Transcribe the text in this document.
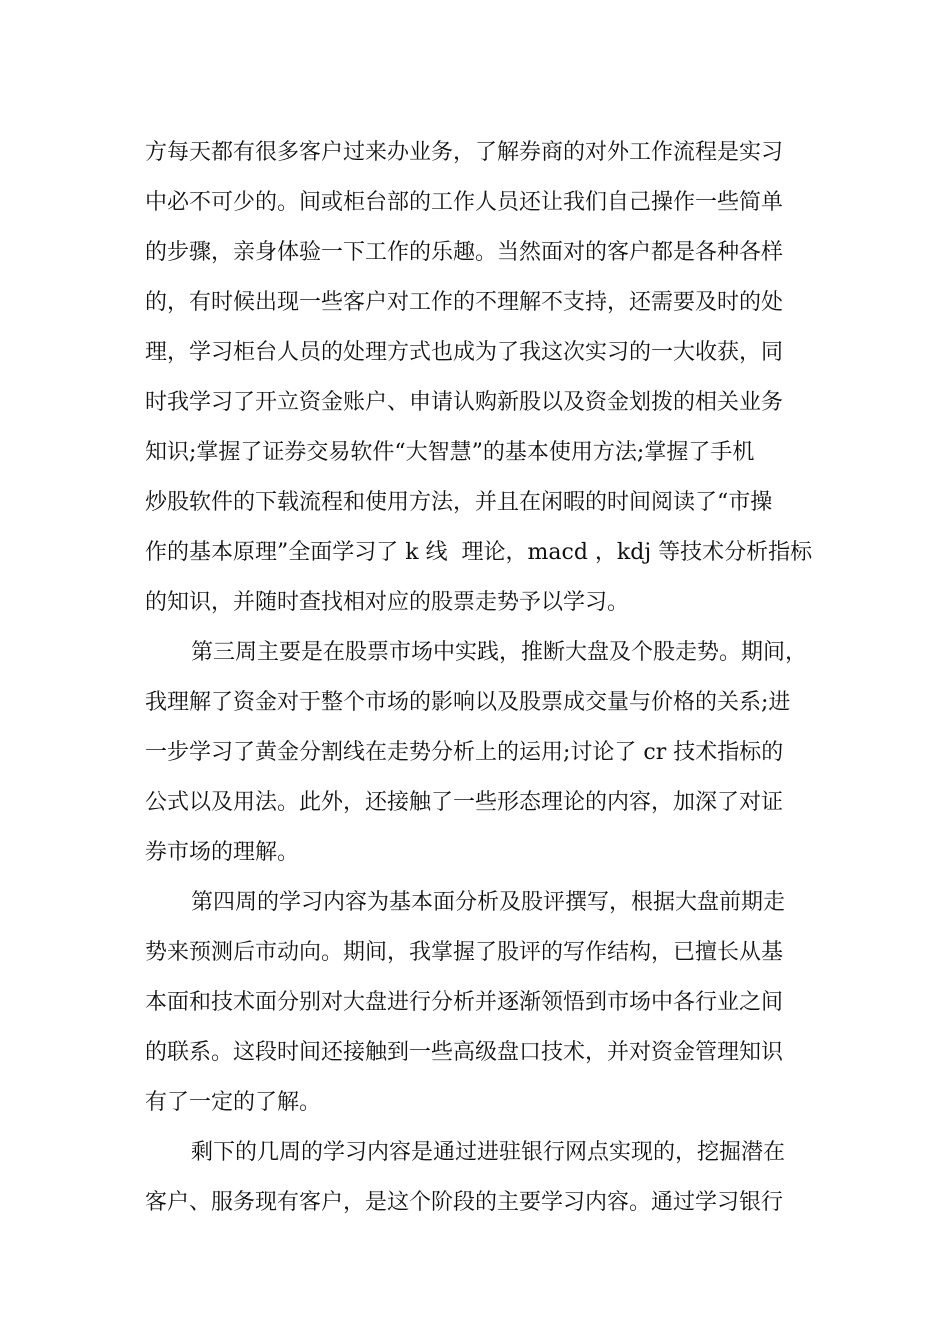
方每天都有很多客户过来办业务，了解券商的对外工作流程是实习
中必不可少的。间或柜台部的工作人员还让我们自己操作一些简单
的步骤，亲身体验一下工作的乐趣。当然面对的客户都是各种各样
的，有时候出现一些客户对工作的不理解不支持，还需要及时的处
理，学习柜台人员的处理方式也成为了我这次实习的一大收获，同
时我学习了开立资金账户、申请认购新股以及资金划拨的相关业务
知识;掌握了证券交易软件“大智慧”的基本使用方法;掌握了手机
炒股软件的下载流程和使用方法，并且在闲暇的时间阅读了“市操
作的基本原理”全面学习了 k 线  理论，macd ，kdj 等技术分析指标
的知识，并随时查找相对应的股票走势予以学习。
第三周主要是在股票市场中实践，推断大盘及个股走势。期间，
我理解了资金对于整个市场的影响以及股票成交量与价格的关系;进
一步学习了黄金分割线在走势分析上的运用;讨论了 cr 技术指标的
公式以及用法。此外，还接触了一些形态理论的内容，加深了对证
券市场的理解。
第四周的学习内容为基本面分析及股评撰写，根据大盘前期走
势来预测后市动向。期间，我掌握了股评的写作结构，已擅长从基
本面和技术面分别对大盘进行分析并逐渐领悟到市场中各行业之间
的联系。这段时间还接触到一些高级盘口技术，并对资金管理知识
有了一定的了解。
剩下的几周的学习内容是通过进驻银行网点实现的，挖掘潜在
客户、服务现有客户，是这个阶段的主要学习内容。通过学习银行
